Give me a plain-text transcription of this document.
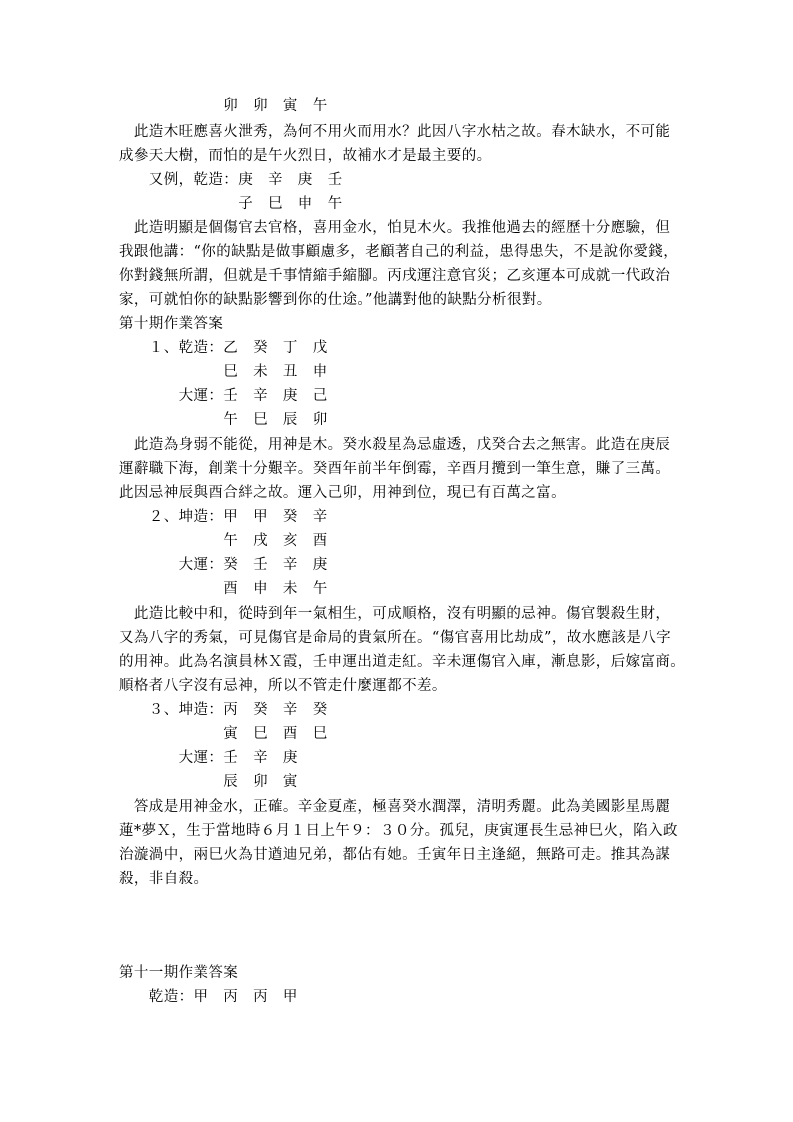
　　　　　　　卯　卯　寅　午
　此造木旺應喜火泄秀，為何不用火而用水？此因八字水枯之故。春木缺水，不可能
成參天大樹，而怕的是午火烈日，故補水才是最主要的。
　　又例，乾造：庚　辛　庚　壬
　　　　　　　　子　巳　申　午
　此造明顯是個傷官去官格，喜用金水，怕見木火。我推他過去的經歷十分應驗，但
我跟他講：“你的缺點是做事顧慮多，老顧著自己的利益，患得患失，不是說你愛錢，
你對錢無所謂，但就是千事情縮手縮腳。丙戌運注意官災；乙亥運本可成就一代政治
家，可就怕你的缺點影響到你的仕途。”他講對他的缺點分析很對。
第十期作業答案
　　１、乾造：乙　癸　丁　戊
　　　　　　　巳　未　丑　申
　　　　大運：壬　辛　庚　己
　　　　　　　午　巳　辰　卯
　此造為身弱不能從，用神是木。癸水殺星為忌虛透，戊癸合去之無害。此造在庚辰
運辭職下海，創業十分艱辛。癸酉年前半年倒霉，辛酉月攬到一筆生意，賺了三萬。
此因忌神辰與酉合絆之故。運入己卯，用神到位，現已有百萬之富。
　　２、坤造：甲　甲　癸　辛
　　　　　　　午　戌　亥　酉
　　　　大運：癸　壬　辛　庚
　　　　　　　酉　申　未　午
　此造比較中和，從時到年一氣相生，可成順格，沒有明顯的忌神。傷官製殺生財，
又為八字的秀氣，可見傷官是命局的貴氣所在。“傷官喜用比劫成”，故水應該是八字
的用神。此為名演員林Ｘ霞，壬申運出道走紅。辛未運傷官入庫，漸息影，后嫁富商。
順格者八字沒有忌神，所以不管走什麼運都不差。
　　３、坤造：丙　癸　辛　癸
　　　　　　　寅　巳　酉　巳
　　　　大運：壬　辛　庚
　　　　　　　辰　卯　寅
　答成是用神金水，正確。辛金夏產，極喜癸水潤澤，清明秀麗。此為美國影星馬麗
蓮*夢Ｘ，生于當地時６月１日上午９：３０分。孤兒，庚寅運長生忌神巳火，陷入政
治漩渦中，兩巳火為甘遒迪兄弟，都佔有她。壬寅年日主逢絕，無路可走。推其為謀
殺，非自殺。
第十一期作業答案
　　乾造：甲　丙　丙　甲
